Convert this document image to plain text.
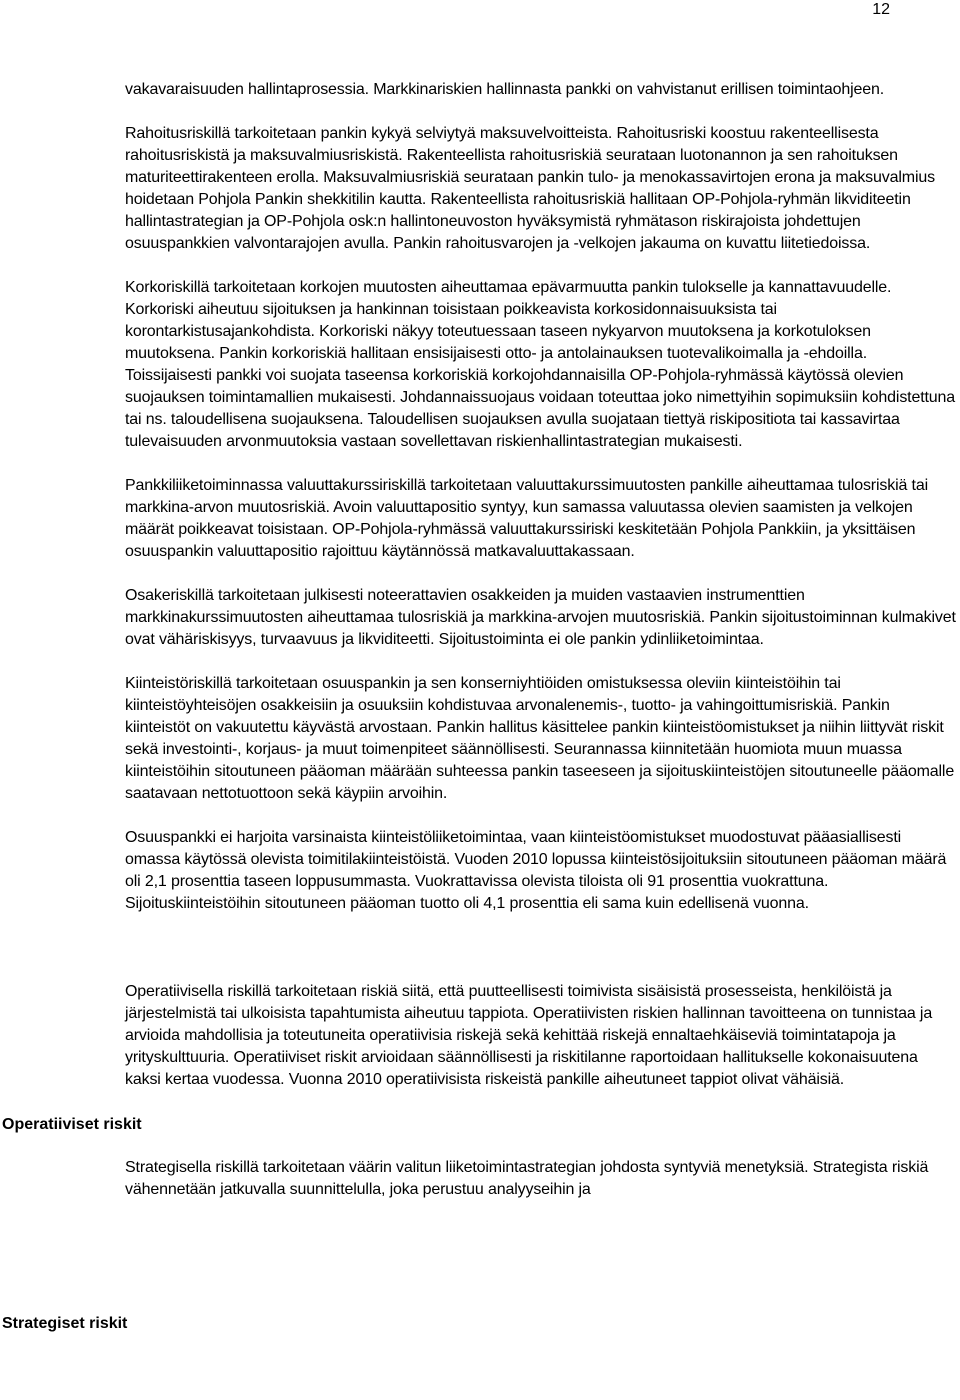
12
Operatiiviset riskit
Strategiset riskit

vakavaraisuuden hallintaprosessia. Markkinariskien hallinnasta pankki on vahvistanut erillisen toimintaohjeen.

Rahoitusriskillä tarkoitetaan pankin kykyä selviytyä maksuvelvoitteista. Rahoitusriski koostuu rakenteellisesta rahoitusriskistä ja maksuvalmiusriskistä. Rakenteellista rahoitusriskiä seurataan luotonannon ja sen rahoituksen maturiteettirakenteen erolla. Maksuvalmiusriskiä seurataan pankin tulo- ja menokassavirtojen erona ja maksuvalmius hoidetaan Pohjola Pankin shekkitilin kautta. Rakenteellista rahoitusriskiä hallitaan OP-Pohjola-ryhmän likviditeetin hallintastrategian ja OP-Pohjola osk:n hallintoneuvoston hyväksymistä ryhmätason riskirajoista johdettujen osuuspankkien valvontarajojen avulla. Pankin rahoitusvarojen ja -velkojen jakauma on kuvattu liitetiedoissa.

Korkoriskillä tarkoitetaan korkojen muutosten aiheuttamaa epävarmuutta pankin tulokselle ja kannattavuudelle. Korkoriski aiheutuu sijoituksen ja hankinnan toisistaan poikkeavista korkosidonnaisuuksista tai korontarkistusajankohdista. Korkoriski näkyy toteutuessaan taseen nykyarvon muutoksena ja korkotuloksen muutoksena. Pankin korkoriskiä hallitaan ensisijaisesti otto- ja antolainauksen tuotevalikoimalla ja -ehdoilla. Toissijaisesti pankki voi suojata taseensa korkoriskiä korkojohdannaisilla OP-Pohjola-ryhmässä käytössä olevien suojauksen toimintamallien mukaisesti. Johdannaissuojaus voidaan toteuttaa joko nimettyihin sopimuksiin kohdistettuna tai ns. taloudellisena suojauksena. Taloudellisen suojauksen avulla suojataan tiettyä riskipositiota tai kassavirtaa tulevaisuuden arvonmuutoksia vastaan sovellettavan riskienhallintastrategian mukaisesti.

Pankkiliiketoiminnassa valuuttakurssiriskillä tarkoitetaan valuuttakurssimuutosten pankille aiheuttamaa tulosriskiä tai markkina-arvon muutosriskiä. Avoin valuuttapositio syntyy, kun samassa valuutassa olevien saamisten ja velkojen määrät poikkeavat toisistaan. OP-Pohjola-ryhmässä valuuttakurssiriski keskitetään Pohjola Pankkiin, ja yksittäisen osuuspankin valuuttapositio rajoittuu käytännössä matkavaluuttakassaan.

Osakeriskillä tarkoitetaan julkisesti noteerattavien osakkeiden ja muiden vastaavien instrumenttien markkinakurssimuutosten aiheuttamaa tulosriskiä ja markkina-arvojen muutosriskiä. Pankin sijoitustoiminnan kulmakivet ovat vähäriskisyys, turvaavuus ja likviditeetti. Sijoitustoiminta ei ole pankin ydinliiketoimintaa.

Kiinteistöriskillä tarkoitetaan osuuspankin ja sen konserniyhtiöiden omistuksessa oleviin kiinteistöihin tai kiinteistöyhteisöjen osakkeisiin ja osuuksiin kohdistuvaa arvonalenemis-, tuotto- ja vahingoittumisriskiä. Pankin kiinteistöt on vakuutettu käyvästä arvostaan. Pankin hallitus käsittelee pankin kiinteistöomistukset ja niihin liittyvät riskit sekä investointi-, korjaus- ja muut toimenpiteet säännöllisesti. Seurannassa kiinnitetään huomiota muun muassa kiinteistöihin sitoutuneen pääoman määrään suhteessa pankin taseeseen ja sijoituskiinteistöjen sitoutuneelle pääomalle saatavaan nettotuottoon sekä käypiin arvoihin.

Osuuspankki ei harjoita varsinaista kiinteistöliiketoimintaa, vaan kiinteistöomistukset muodostuvat pääasiallisesti omassa käytössä olevista toimitilakiinteistöistä. Vuoden 2010 lopussa kiinteistösijoituksiin sitoutuneen pääoman määrä oli 2,1 prosenttia taseen loppusummasta. Vuokrattavissa olevista tiloista oli 91 prosenttia vuokrattuna. Sijoituskiinteistöihin sitoutuneen pääoman tuotto oli 4,1 prosenttia eli sama kuin edellisenä vuonna.

Operatiivisella riskillä tarkoitetaan riskiä siitä, että puutteellisesti toimivista sisäisistä prosesseista, henkilöistä ja järjestelmistä tai ulkoisista tapahtumista aiheutuu tappiota. Operatiivisten riskien hallinnan tavoitteena on tunnistaa ja arvioida mahdollisia ja toteutuneita operatiivisia riskejä sekä kehittää riskejä ennaltaehkäiseviä toimintatapoja ja yrityskulttuuria. Operatiiviset riskit arvioidaan säännöllisesti ja riskitilanne raportoidaan hallitukselle kokonaisuutena kaksi kertaa vuodessa. Vuonna 2010 operatiivisista riskeistä pankille aiheutuneet tappiot olivat vähäisiä.

Strategisella riskillä tarkoitetaan väärin valitun liiketoimintastrategian johdosta syntyviä menetyksiä. Strategista riskiä vähennetään jatkuvalla suunnittelulla, joka perustuu analyyseihin ja
